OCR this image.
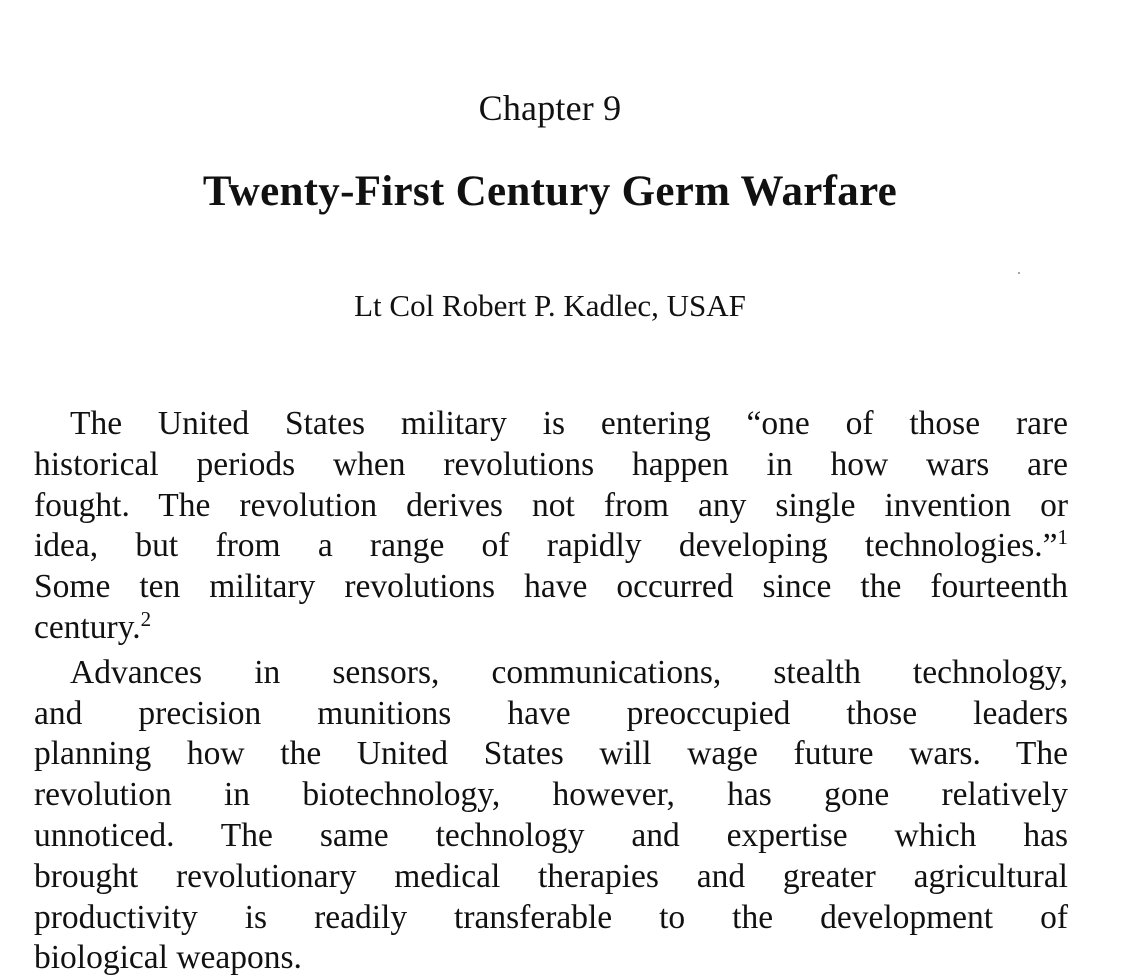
Chapter 9
Twenty-First Century Germ Warfare
Lt Col Robert P. Kadlec, USAF
The United States military is entering “one of those rare
historical periods when revolutions happen in how wars are
fought. The revolution derives not from any single invention or
idea, but from a range of rapidly developing technologies.”$^1$
Some ten military revolutions have occurred since the fourteenth
century.$^2$
Advances in sensors, communications, stealth technology,
and precision munitions have preoccupied those leaders
planning how the United States will wage future wars. The
revolution in biotechnology, however, has gone relatively
unnoticed. The same technology and expertise which has
brought revolutionary medical therapies and greater agricultural
productivity is readily transferable to the development of
biological weapons.
